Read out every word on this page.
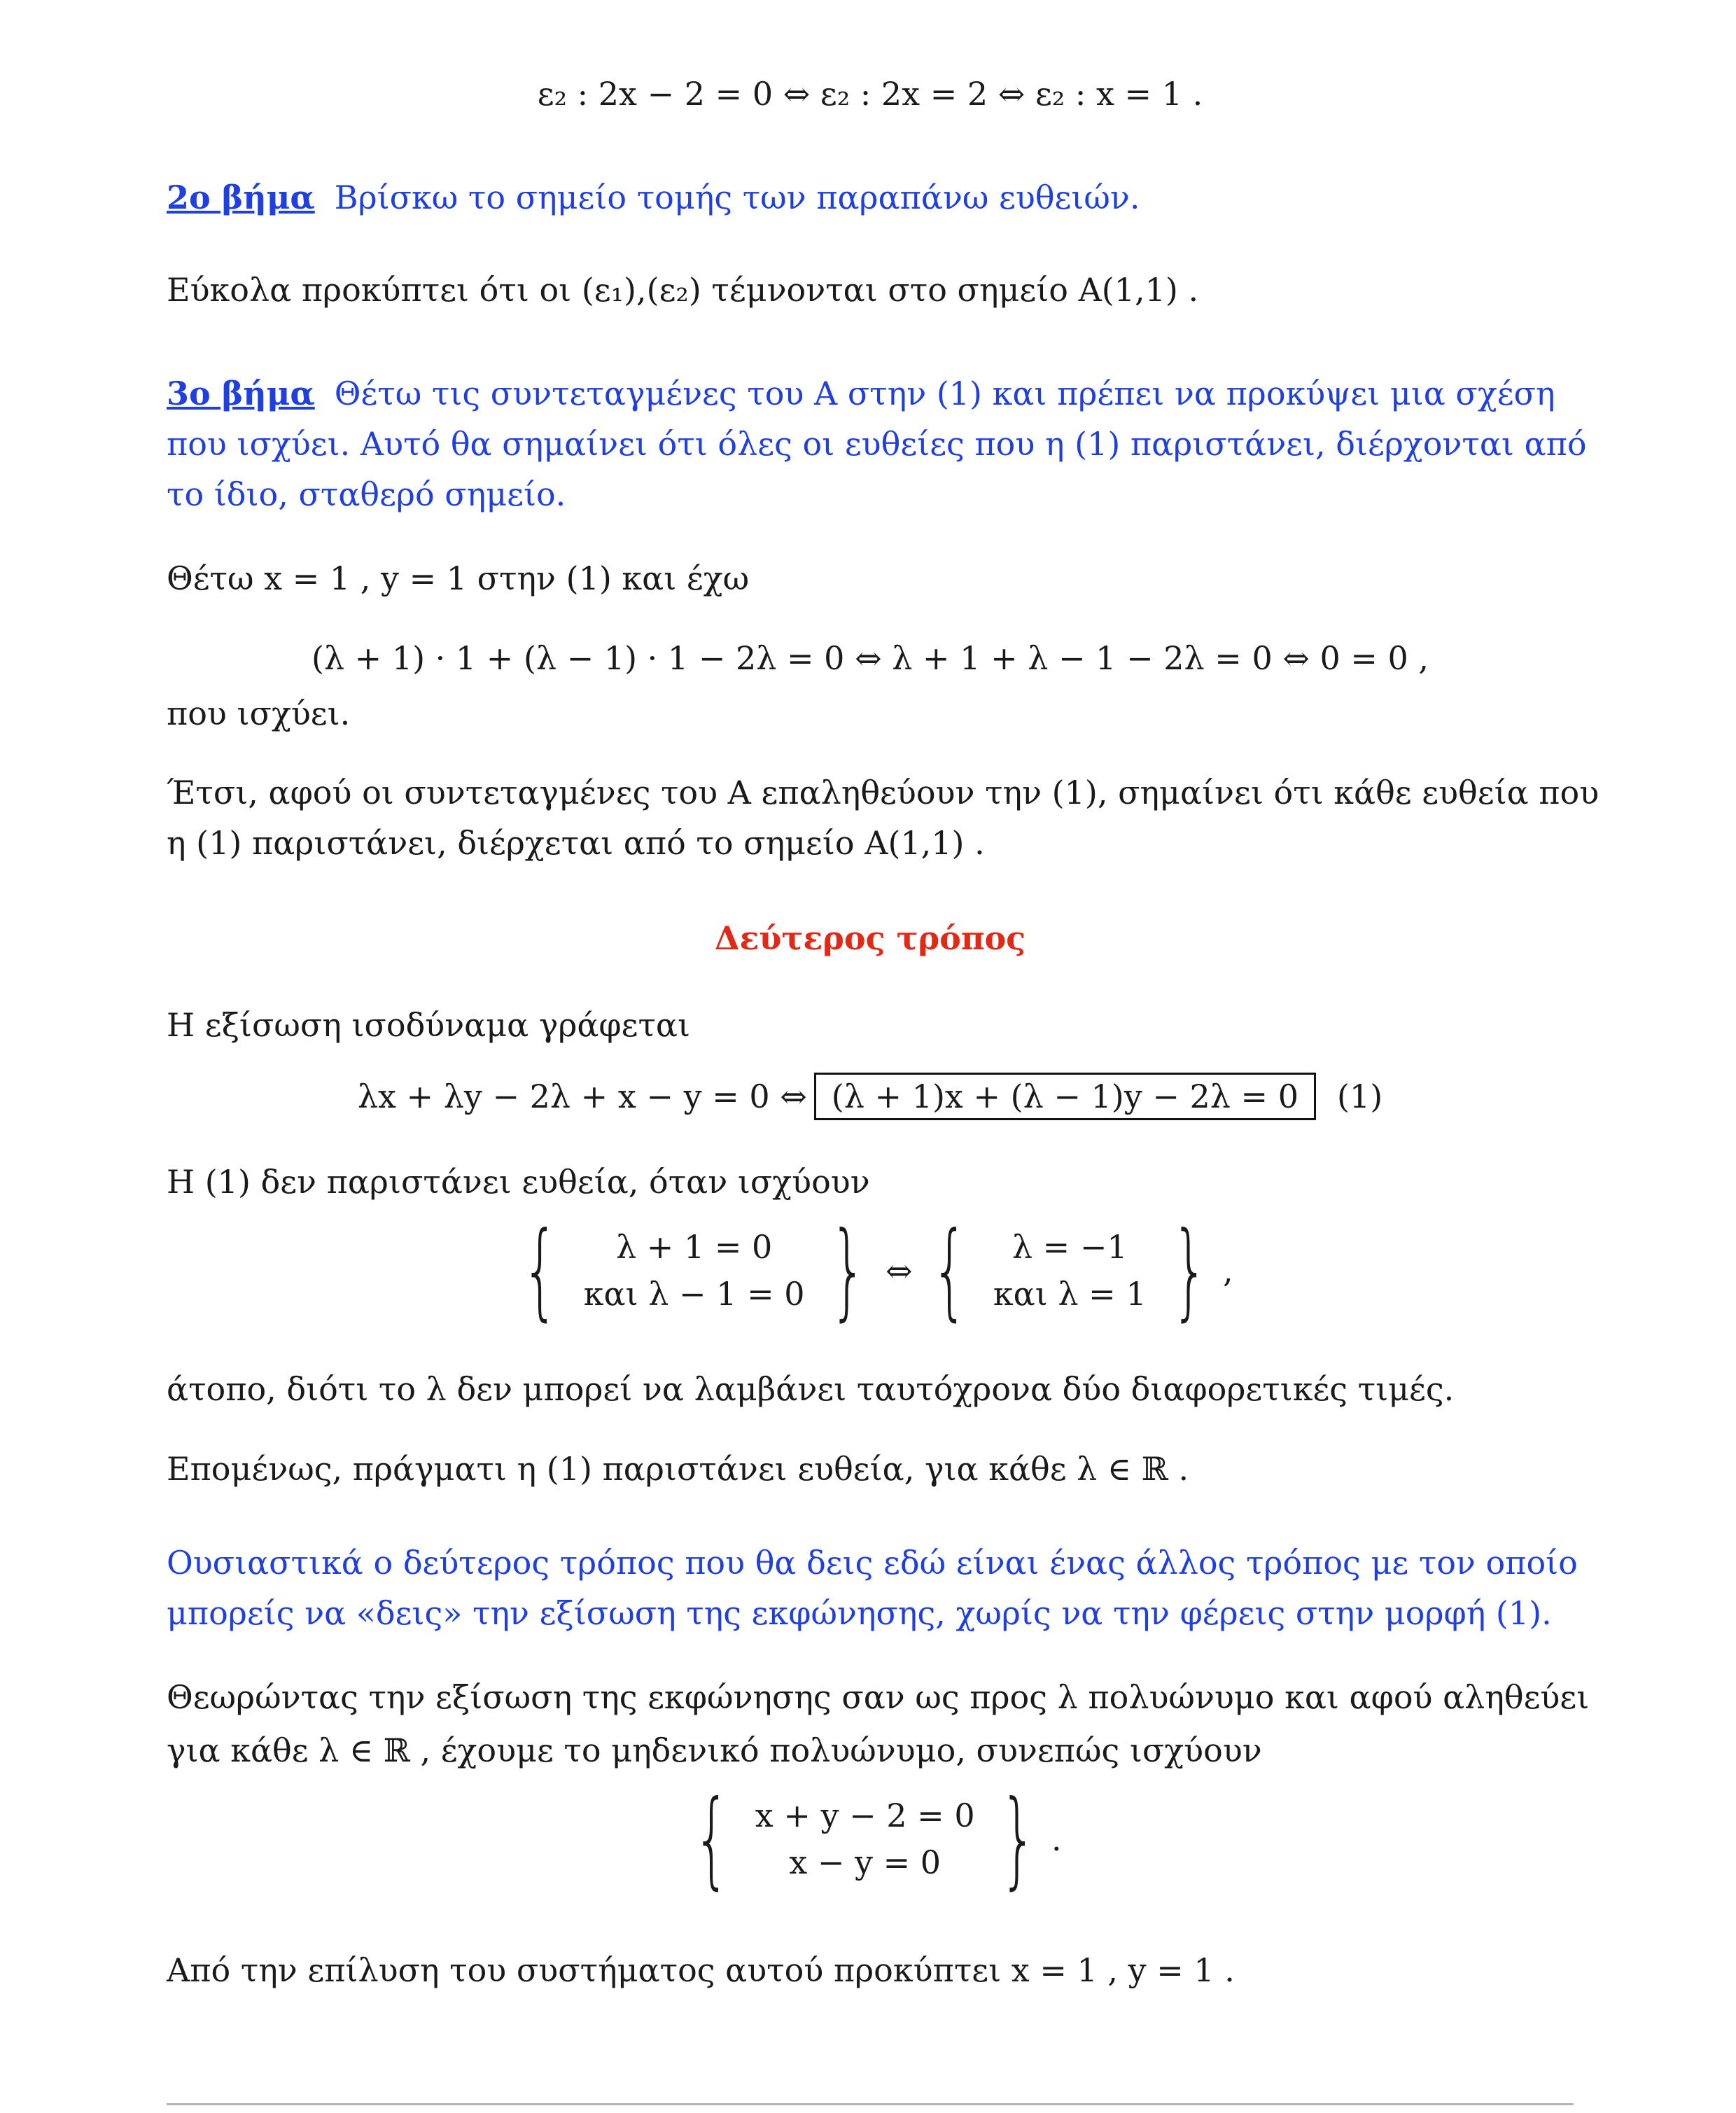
ε₂ : 2x − 2 = 0 ⇔ ε₂ : 2x = 2 ⇔ ε₂ : x = 1 .
2ο βήμα Βρίσκω το σημείο τομής των παραπάνω ευθειών.
Εύκολα προκύπτει ότι οι (ε₁),(ε₂) τέμνονται στο σημείο A(1,1) .
3ο βήμα Θέτω τις συντεταγμένες του A στην (1) και πρέπει να προκύψει μια σχέση
που ισχύει. Αυτό θα σημαίνει ότι όλες οι ευθείες που η (1) παριστάνει, διέρχονται από
το ίδιο, σταθερό σημείο.
Θέτω x = 1 , y = 1 στην (1) και έχω
(λ + 1) · 1 + (λ − 1) · 1 − 2λ = 0 ⇔ λ + 1 + λ − 1 − 2λ = 0 ⇔ 0 = 0 ,
που ισχύει.
Έτσι, αφού οι συντεταγμένες του A επαληθεύουν την (1), σημαίνει ότι κάθε ευθεία που
η (1) παριστάνει, διέρχεται από το σημείο A(1,1) .
Δεύτερος τρόπος
Η εξίσωση ισοδύναμα γράφεται
λx + λy − 2λ + x − y = 0 ⇔ (λ + 1)x + (λ − 1)y − 2λ = 0 (1)
Η (1) δεν παριστάνει ευθεία, όταν ισχύουν
{ λ + 1 = 0
και λ − 1 = 0 } ⇔ { λ = −1
και λ = 1 } ,
άτοπο, διότι το λ δεν μπορεί να λαμβάνει ταυτόχρονα δύο διαφορετικές τιμές.
Επομένως, πράγματι η (1) παριστάνει ευθεία, για κάθε λ ∈ ℝ .
Ουσιαστικά ο δεύτερος τρόπος που θα δεις εδώ είναι ένας άλλος τρόπος με τον οποίο
μπορείς να «δεις» την εξίσωση της εκφώνησης, χωρίς να την φέρεις στην μορφή (1).
Θεωρώντας την εξίσωση της εκφώνησης σαν ως προς λ πολυώνυμο και αφού αληθεύει
για κάθε λ ∈ ℝ , έχουμε το μηδενικό πολυώνυμο, συνεπώς ισχύουν
{ x + y − 2 = 0
x − y = 0 } .
Από την επίλυση του συστήματος αυτού προκύπτει x = 1 , y = 1 .
